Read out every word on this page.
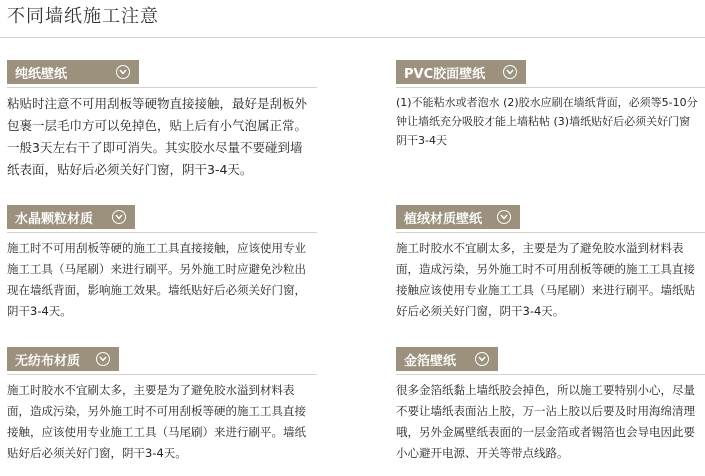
不同墙纸施工注意
纯纸壁纸

粘贴时注意不可用刮板等硬物直接接触，最好是刮板外包裹一层毛巾方可以免掉色，贴上后有小气泡属正常。一般3天左右干了即可消失。其实胶水尽量不要碰到墙纸表面，贴好后必须关好门窗，阴干3-4天。

PVC胶面壁纸

(1)不能粘水或者泡水 (2)胶水应刷在墙纸背面，必须等5-10分钟让墙纸充分吸胶才能上墙粘帖 (3)墙纸贴好后必须关好门窗阴干3-4天

水晶颗粒材质

施工时不可用刮板等硬的施工工具直接接触，应该使用专业施工工具（马尾刷）来进行刷平。另外施工时应避免沙粒出现在墙纸背面，影响施工效果。墙纸贴好后必须关好门窗，阴干3-4天。

植绒材质壁纸

施工时胶水不宜刷太多，主要是为了避免胶水溢到材料表面，造成污染，另外施工时不可用刮板等硬的施工工具直接接触应该使用专业施工工具（马尾刷）来进行刷平。墙纸贴好后必须关好门窗，阴干3-4天。

无纺布材质

施工时胶水不宜刷太多，主要是为了避免胶水溢到材料表面，造成污染，另外施工时不可用刮板等硬的施工工具直接接触，应该使用专业施工工具（马尾刷）来进行刷平。墙纸贴好后必须关好门窗，阴干3-4天。

金箔壁纸

很多金箔纸黏上墙纸胶会掉色，所以施工要特别小心，尽量不要让墙纸表面沾上胶，万一沾上胶以后要及时用海绵清理哦，另外金属壁纸表面的一层金箔或者锡箔也会导电因此要小心避开电源、开关等带点线路。
